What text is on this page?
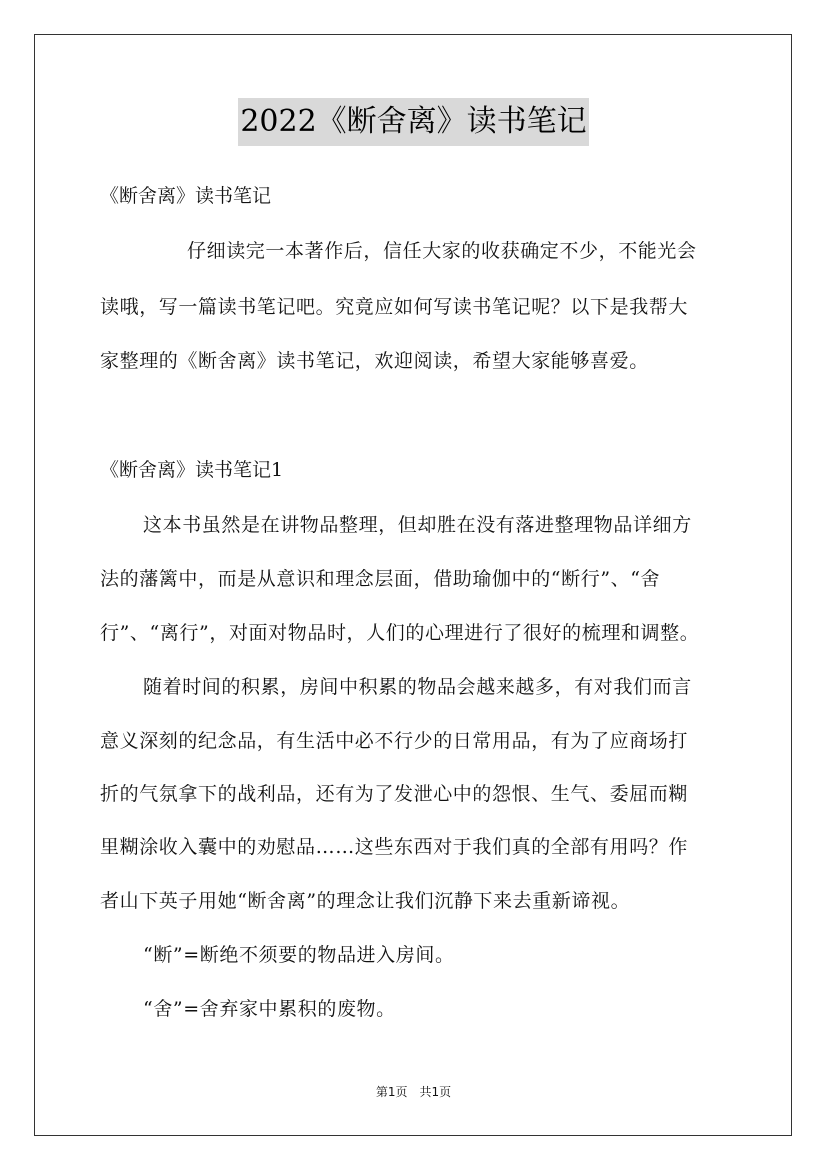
2022《断舍离》读书笔记

《断舍离》读书笔记

仔细读完一本著作后，信任大家的收获确定不少，不能光会

读哦，写一篇读书笔记吧。究竟应如何写读书笔记呢？以下是我帮大

家整理的《断舍离》读书笔记，欢迎阅读，希望大家能够喜爱。

《断舍离》读书笔记1

这本书虽然是在讲物品整理，但却胜在没有落进整理物品详细方

法的藩篱中，而是从意识和理念层面，借助瑜伽中的“断行”、“舍

行”、“离行”，对面对物品时，人们的心理进行了很好的梳理和调整。

随着时间的积累，房间中积累的物品会越来越多，有对我们而言

意义深刻的纪念品，有生活中必不行少的日常用品，有为了应商场打

折的气氛拿下的战利品，还有为了发泄心中的怨恨、生气、委屈而糊

里糊涂收入囊中的劝慰品……这些东西对于我们真的全部有用吗？作

者山下英子用她“断舍离”的理念让我们沉静下来去重新谛视。

“断”=断绝不须要的物品进入房间。

“舍”=舍弃家中累积的废物。

第1页 共1页
